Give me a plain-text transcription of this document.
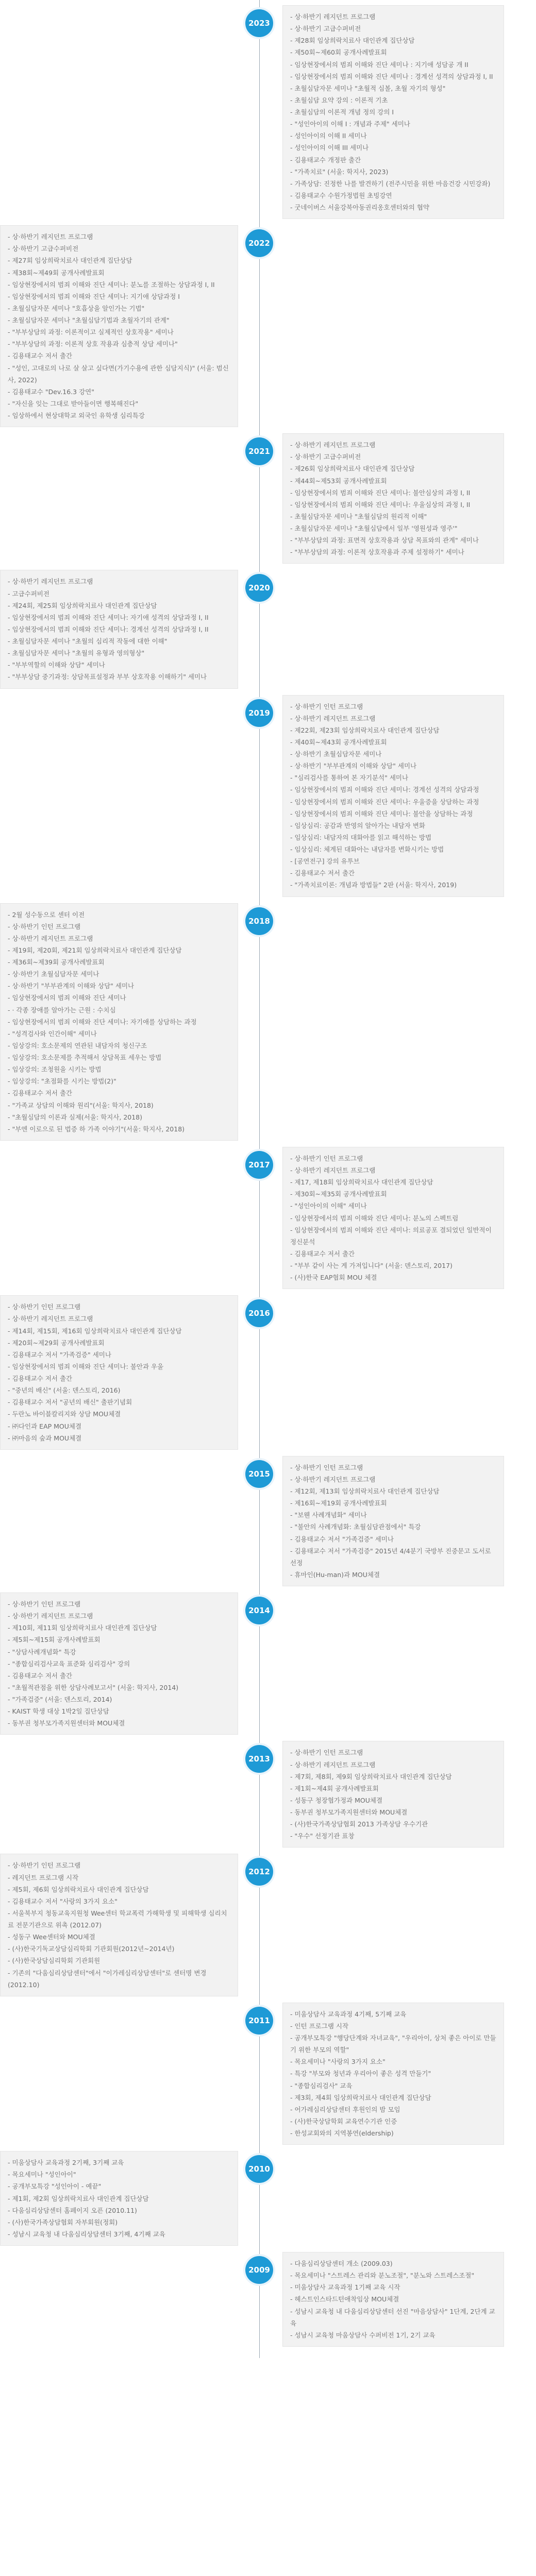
2023
- 상·하반기 레지던트 프로그램
- 상·하반기 고급수퍼비전
- 제28회 임상희락치료사 대인관계 집단상담
- 제50회~제60회 공개사례발표회
- 임상현장에서의 범죄 이해와 진단 세미나 : 지기애 성담공 개 II
- 임상현장에서의 범죄 이해와 진단 세미나 : 경계선 성격의 상담과정 I, II
- 초월심담자문 세미나 "초월적 심볼, 초월 자기의 형성"
- 초월심담 요약 강의 : 이론적 기초
- 초월심담의 이론적 개념 정의 강의 I
- "성인아이의 이해 I : 개념과 주제" 세미나
- 성인아이의 이해 II 세미나
- 성인아이의 이해 III 세미나
- 김용태교수 개정판 출간
- "가족치료" (서울: 학지사, 2023)
- 가족상담: 진정한 나를 발견하기 (전주시민을 위한 마음건강 시민강좌)
- 김용태교수 수원가정법원 초빙강연
- 굿네이버스 서울강북아동권리옹호센터와의 협약
2022
- 상·하반기 레지던트 프로그램
- 상·하반기 고급수퍼비전
- 제27회 임상희락치료사 대인관계 집단상담
- 제38회~제49회 공개사례발표회
- 임상현장에서의 범죄 이해와 진단 세미나: 분노를 조절하는 상담과정 I, II
- 임상현장에서의 범죄 이해와 진단 세미나: 지기애 상담과정 I
- 초월심담자문 세미나 "호흡상을 알인가는 기법"
- 초월심담자문 세미나 "초월심담기법과 초월자기의 관계"
- "부부상담의 과정: 이론적이고 실제적인 상호작용" 세미나
- "부부상담의 과정: 이론적 상호 작용과 심층적 상담 세미나"
- 김용태교수 저서 출간
- "성인, 고대로의 나로 살 살고 싶다면(가기수용에 관한 심담지식)" (서울: 범신사, 2022)
- 김용태교수 "Dev.16.3 강연"
- "자신을 잊는 그대로 받아들이면 행복해진다"
- 임상하에서 현상대학교 외국인 유학생 심리특강
2021
- 상·하반기 레지던트 프로그램
- 상·하반기 고급수퍼비전
- 제26회 임상희락치료사 대인관계 집단상담
- 제44회~제53회 공개사례발표회
- 임상현장에서의 범죄 이해와 진단 세미나: 불안심상의 과정 I, II
- 임상현장에서의 범죄 이해와 진단 세미나: 우울심상의 과정 I, II
- 초월심담자문 세미나 "초월심담의 원리적 이해"
- 초월심담자문 세미나 "초월심담에서 일부 '영원성과 영주'"
- "부부상담의 과정: 표면적 상호작용과 상담 목표와의 관계" 세미나
- "부부상담의 과정: 이론적 상호작용과 주제 설정하기" 세미나
2020
- 상·하반기 레지던트 프로그램
- 고급수퍼비전
- 제24회, 제25회 임상희락치료사 대인관계 집단상담
- 임상현장에서의 범죄 이해와 진단 세미나: 자기애 성격의 상담과정 I, II
- 임상현장에서의 범죄 이해와 진단 세미나: 경계선 성격의 상담과정 I, II
- 초월심담자문 세미나 "초월의 심리적 작동에 대한 이해"
- 초월심담자문 세미나 "초월의 유형과 영의형상"
- "부부역할의 이해와 상담" 세미나
- "부부상담 중기과정: 상담목표설정과 부부 상호작용 이해하기" 세미나
2019
- 상·하반기 인턴 프로그램
- 상·하반기 레지던트 프로그램
- 제22회, 제23회 임상희락치료사 대인관계 집단상담
- 제40회~제43회 공개사례발표회
- 상·하반기 초월심담자문 세미나
- 상·하반기 "부부관계의 이해와 상담" 세미나
- "심리검사를 통하여 본 자기분석" 세미나
- 임상현장에서의 범죄 이해와 진단 세미나: 경계선 성격의 상담과정
- 임상현장에서의 범죄 이해와 진단 세미나: 우울증을 상담하는 과정
- 임상현장에서의 범죄 이해와 진단 세미나: 불안을 상담하는 과정
- 임상심리: 공감과 반영의 알아가는 내담자 변화
- 임상심리: 내담자의 대화아를 읽고 해석하는 방법
- 임상심리: 체계된 대화아는 내담자를 변화시키는 방법
- [공연전구] 강의 유투브
- 김용태교수 저서 출간
- "가족치료이론: 개념과 방법들" 2판 (서울: 학지사, 2019)
2018
- 2월 성수동으로 센터 이전
- 상·하반기 인턴 프로그램
- 상·하반기 레지던트 프로그램
- 제19회, 제20회, 제21회 임상희락치료사 대인관계 집단상담
- 제36회~제39회 공개사례발표회
- 상·하반기 초월심담자문 세미나
- 상·하반기 "부부관계의 이해와 상담" 세미나
- 임상현장에서의 범죄 이해와 진단 세미나
- · 각종 장애를 알아가는 근원 : 수치심
- 임상현장에서의 범죄 이해와 진단 세미나: 자기애를 상담하는 과정
- "성격검사와 인간이해" 세미나
- 임상강의: 호소문제의 연관된 내담자의 청신구조
- 임상강의: 호소문제를 추적해서 상담목표 세우는 방법
- 임상강의: 조청원을 시키는 방법
- 임상강의: "초점화를 시키는 방법(2)"
- 김용태교수 저서 출간
- "가족교 상담의 이해와 원리"(서울: 학지사, 2018)
- "초월심담의 이론과 실제(서울: 학지사, 2018)
- "부엔 이로으로 된 법증 하 가족 이야기"(서울: 학지사, 2018)
2017
- 상·하반기 인턴 프로그램
- 상·하반기 레지던트 프로그램
- 제17, 제18회 임상희락치료사 대인관계 집단상담
- 제30회~제35회 공개사례발표회
- "성인아이의 이해" 세미나
- 임상현장에서의 범죄 이해와 진단 세미나: 분노의 스펙트럼
- 임상현장에서의 범죄 이해와 진단 세미나: 의료공포 결되었던 일반적이 정신분석
- 김용태교수 저서 출간
- "부부 같이 사는 게 가져입니다" (서울: 덴스토리, 2017)
- (사)한국 EAP협회 MOU 체결
2016
- 상·하반기 인턴 프로그램
- 상·하반기 레지던트 프로그램
- 제14회, 제15회, 제16회 임상희락치료사 대인관계 집단상담
- 제20회~제29회 공개사례발표회
- 김용태교수 저서 "가족검증" 세미나
- 임상현장에서의 범죄 이해와 진단 세미나: 불안과 우울
- 김용태교수 저서 출간
- "중년의 배신" (서울: 덴스토리, 2016)
- 김용태교수 저서 "공년의 배신" 출판기념회
- 두란노 바이블칼리지와 상담 MOU체결
- ㈜다인과 EAP MOU체결
- ㈜마음의 숲과 MOU체결
2015
- 상·하반기 인턴 프로그램
- 상·하반기 레지던트 프로그램
- 제12회, 제13회 임상희락치료사 대인관계 집단상담
- 제16회~제19회 공개사례발표회
- "보웬 사례개념화" 세미나
- "불안의 사례개념화: 초월심담관점에서" 특강
- 김용태교수 저서 "가족검증" 세미나
- 김용태교수 저서 "가족검증" 2015년 4/4분기 국방부 진중문고 도서로 선정
- 휴마인(Hu-man)과 MOU체결
2014
- 상·하반기 인턴 프로그램
- 상·하반기 레지던트 프로그램
- 제10회, 제11회 임상희락치료사 대인관계 집단상담
- 제5회~제15회 공개사례발표회
- "상담사례개념화" 특강
- "종합심리검사교육 표준화 심리검사" 강의
- 김용태교수 저서 출간
- "초월적관점을 위한 상담사례보고서" (서울: 학지사, 2014)
- "가족검증" (서울: 덴스토리, 2014)
- KAIST 학생 대상 1박2일 집단상담
- 동부권 청부모가족지원센터와 MOU체결
2013
- 상·하반기 인턴 프로그램
- 상·하반기 레지던트 프로그램
- 제7회, 제8회, 제9회 임상희락치료사 대인관계 집단상담
- 제1회~제4회 공개사례발표회
- 성동구 청장협가정과 MOU체결
- 동부권 청부모가족지원센터와 MOU체결
- (사)한국가족상담협회 2013 가족상담 우수기관
- "우수" 선정기관 표창
2012
- 상·하반기 인턴 프로그램
- 레지던트 프로그램 시작
- 제5회, 제6회 임상희락치료사 대인관계 집단상담
- 김용태교수 저서 "사랑의 3가지 요소"
- 서울북부지 청동교육지원청 Wee센터 학교폭력 가해학생 및 피해학생 심리치료 전문기관으로 위촉 (2012.07)
- 성동구 Wee센터와 MOU체결
- (사)한국기독교상담심리학회 기관회원(2012년~2014년)
- (사)한국상담심리학회 기관회원
- 기존의 "다움심리상담센터"에서 "이가레심리상담센터"로 센터명 변경(2012.10)
2011
- 미움상담사 교육과정 4기째, 5기째 교육
- 인턴 프로그램 시작
- 공개부모특강 "행당단계와 자녀교육", "우리아이, 상처 좋은 아이로 만들기 위한 부모의 역할"
- 목요세미나 "사랑의 3가지 요소"
- 특강 "부모와 청년과 우리아이 좋은 성격 만들기"
- "종합심리검사" 교육
- 제3회, 제4회 임상희락치료사 대인관계 집단상담
- 어가레심리상담센터 후원인의 밤 모임
- (사)한국상담학회 교육연수기관 인증
- 한성교회와의 지역봉연(eldership)
2010
- 미움상담사 교육과정 2기째, 3기째 교육
- 목요세미나 "성인아이"
- 공개부모특강 "성인아이 - 예끝"
- 제1회, 제2회 임상희락치료사 대인관계 집단상담
- 다움심리상담센터 홈페이지 오픈 (2010.11)
- (사)한국가족상담협회 자부회원(정회)
- 성남시 교육청 내 다움심리상담센터 3기째, 4기째 교육
2009
- 다움심리상담센터 개소 (2009.03)
- 목요세미나 "스트레스 관리와 분노조절", "분노와 스트레스조절"
- 미움상담사 교육과정 1기째 교육 시작
- 헤스트인스타드턴애착임상 MOU체결
- 성남시 교육청 내 다움심리상담센터 선진 "마음상담사" 1단계, 2단계 교육
- 성남시 교육청 마움상담사 수퍼비전 1기, 2기 교육
